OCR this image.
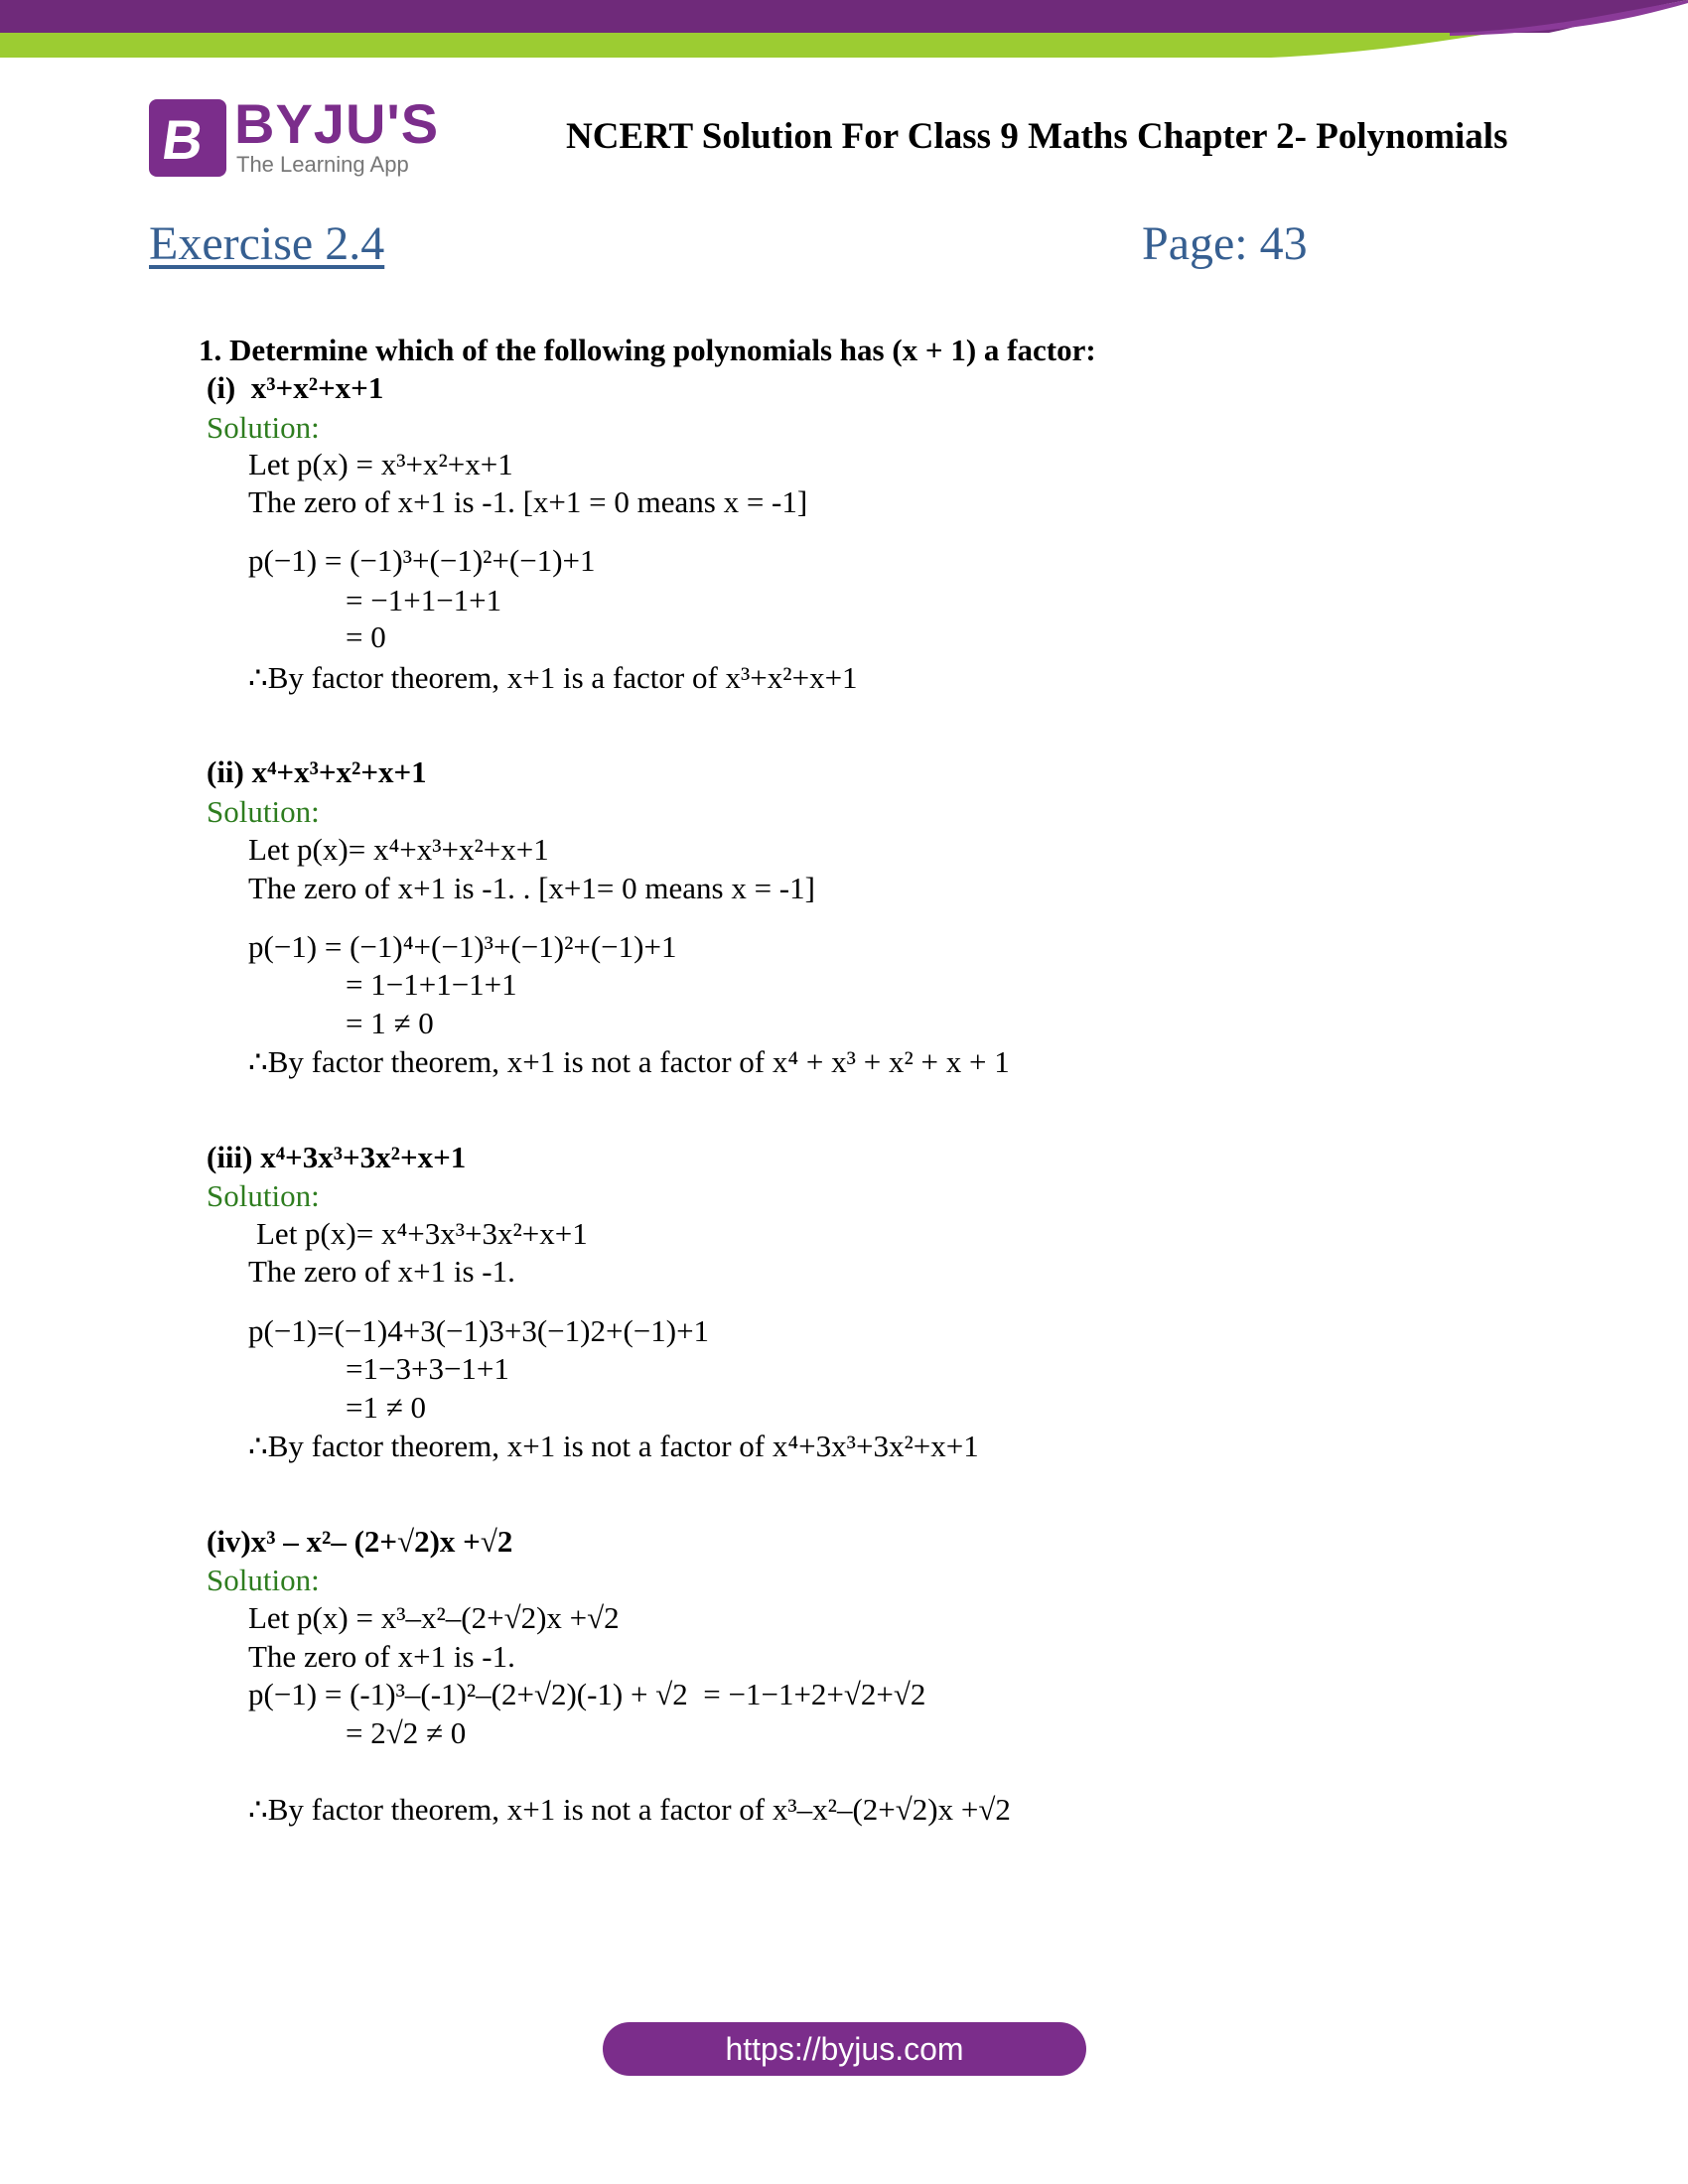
B BYJU'S
The Learning App
NCERT Solution For Class 9 Maths Chapter 2- Polynomials
Exercise 2.4	Page: 43
1. Determine which of the following polynomials has (x + 1) a factor:
(i)  x³+x²+x+1
Solution:
Let p(x) = x³+x²+x+1
The zero of x+1 is -1. [x+1 = 0 means x = -1]
p(−1) = (−1)³+(−1)²+(−1)+1
= −1+1−1+1
= 0
∴By factor theorem, x+1 is a factor of x³+x²+x+1
(ii) x⁴+x³+x²+x+1
Solution:
Let p(x)= x⁴+x³+x²+x+1
The zero of x+1 is -1. . [x+1= 0 means x = -1]
p(−1) = (−1)⁴+(−1)³+(−1)²+(−1)+1
= 1−1+1−1+1
= 1 ≠ 0
∴By factor theorem, x+1 is not a factor of x⁴ + x³ + x² + x + 1
(iii) x⁴+3x³+3x²+x+1
Solution:
Let p(x)= x⁴+3x³+3x²+x+1
The zero of x+1 is -1.
p(−1)=(−1)4+3(−1)3+3(−1)2+(−1)+1
=1−3+3−1+1
=1 ≠ 0
∴By factor theorem, x+1 is not a factor of x⁴+3x³+3x²+x+1
(iv)x³ – x²– (2+√2)x +√2
Solution:
Let p(x) = x³–x²–(2+√2)x +√2
The zero of x+1 is -1.
p(−1) = (-1)³–(-1)²–(2+√2)(-1) + √2  = −1−1+2+√2+√2
= 2√2 ≠ 0
∴By factor theorem, x+1 is not a factor of x³–x²–(2+√2)x +√2
https://byjus.com
